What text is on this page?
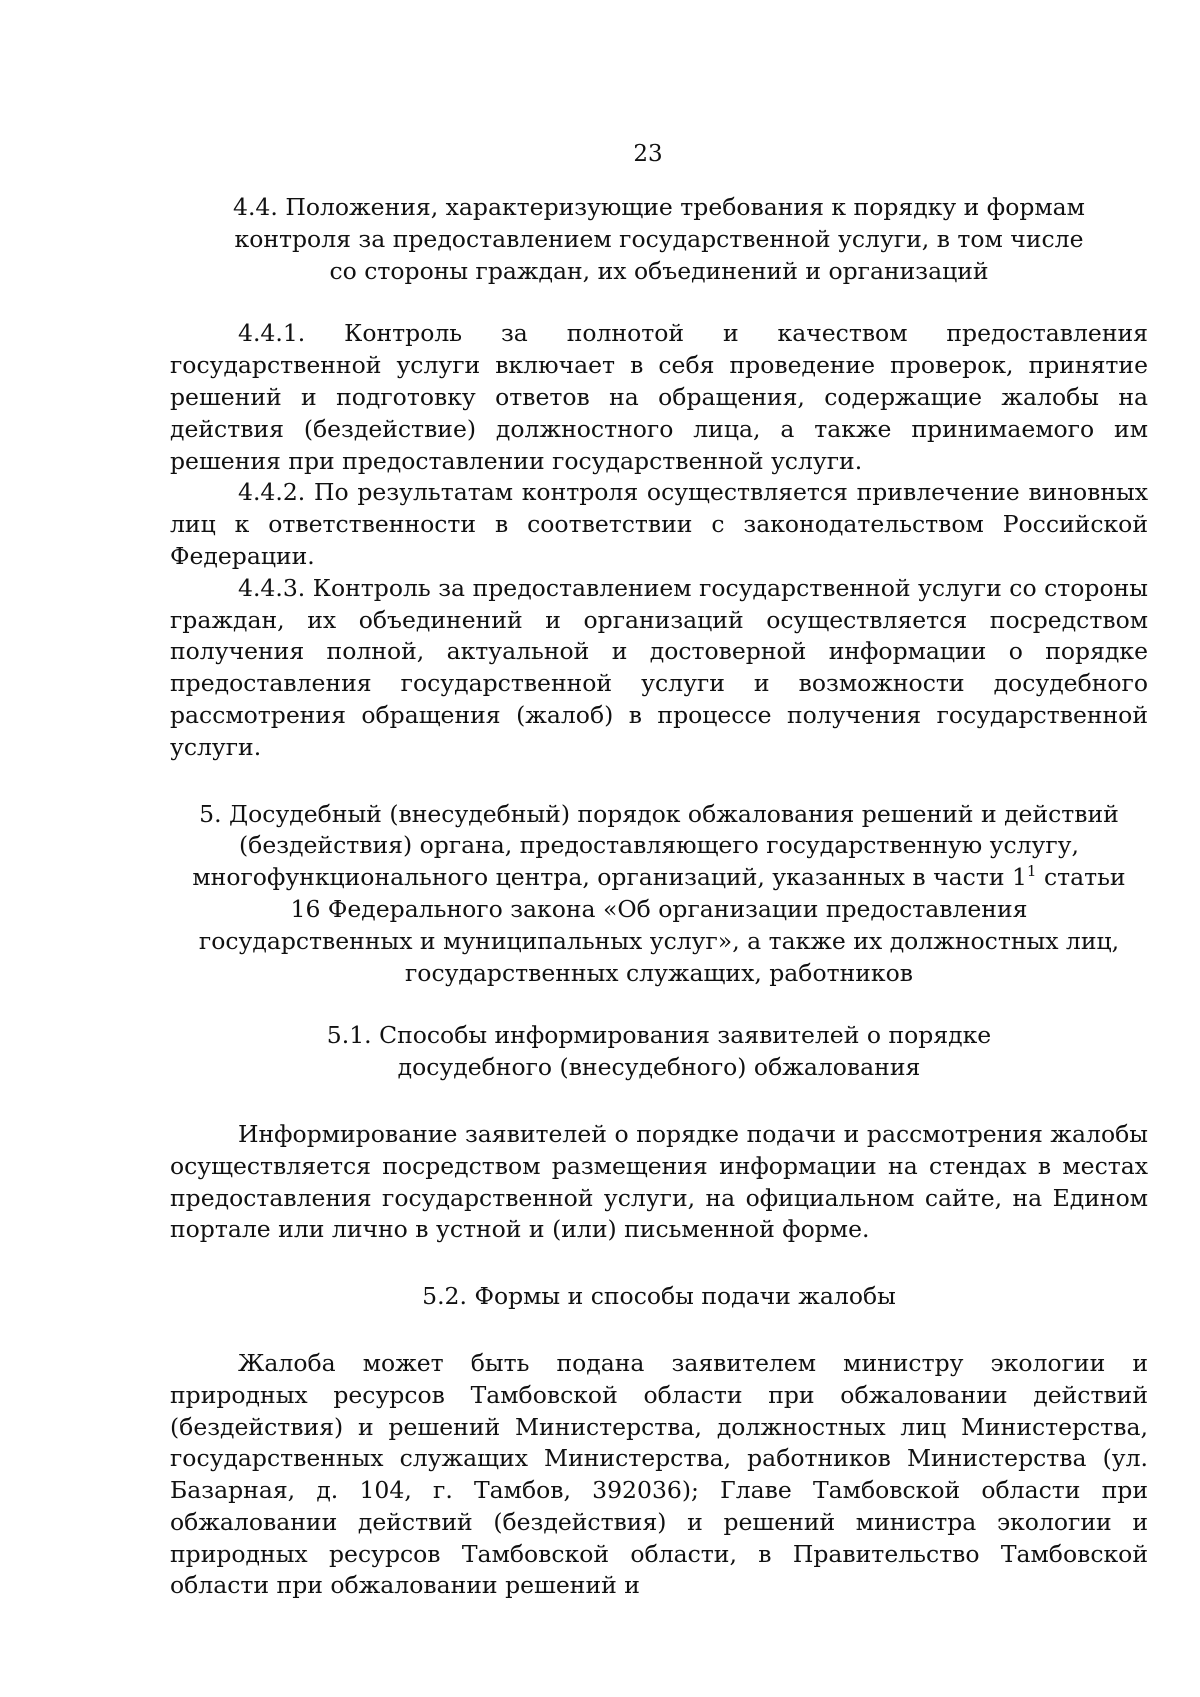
23

4.4. Положения, характеризующие требования к порядку и формам контроля за предоставлением государственной услуги, в том числе со стороны граждан, их объединений и организаций

4.4.1. Контроль за полнотой и качеством предоставления государственной услуги включает в себя проведение проверок, принятие решений и подготовку ответов на обращения, содержащие жалобы на действия (бездействие) должностного лица, а также принимаемого им решения при предоставлении государственной услуги.

4.4.2. По результатам контроля осуществляется привлечение виновных лиц к ответственности в соответствии с законодательством Российской Федерации.

4.4.3. Контроль за предоставлением государственной услуги со стороны граждан, их объединений и организаций осуществляется посредством получения полной, актуальной и достоверной информации о порядке предоставления государственной услуги и возможности досудебного рассмотрения обращения (жалоб) в процессе получения государственной услуги.

5. Досудебный (внесудебный) порядок обжалования решений и действий (бездействия) органа, предоставляющего государственную услугу, многофункционального центра, организаций, указанных в части $1^1$ статьи 16 Федерального закона «Об организации предоставления государственных и муниципальных услуг», а также их должностных лиц, государственных служащих, работников

5.1. Способы информирования заявителей о порядке досудебного (внесудебного) обжалования

Информирование заявителей о порядке подачи и рассмотрения жалобы осуществляется посредством размещения информации на стендах в местах предоставления государственной услуги, на официальном сайте, на Едином портале или лично в устной и (или) письменной форме.

5.2. Формы и способы подачи жалобы

Жалоба может быть подана заявителем министру экологии и природных ресурсов Тамбовской области при обжаловании действий (бездействия) и решений Министерства, должностных лиц Министерства, государственных служащих Министерства, работников Министерства (ул. Базарная, д. 104, г. Тамбов, 392036); Главе Тамбовской области при обжаловании действий (бездействия) и решений министра экологии и природных ресурсов Тамбовской области, в Правительство Тамбовской области при обжаловании решений и
